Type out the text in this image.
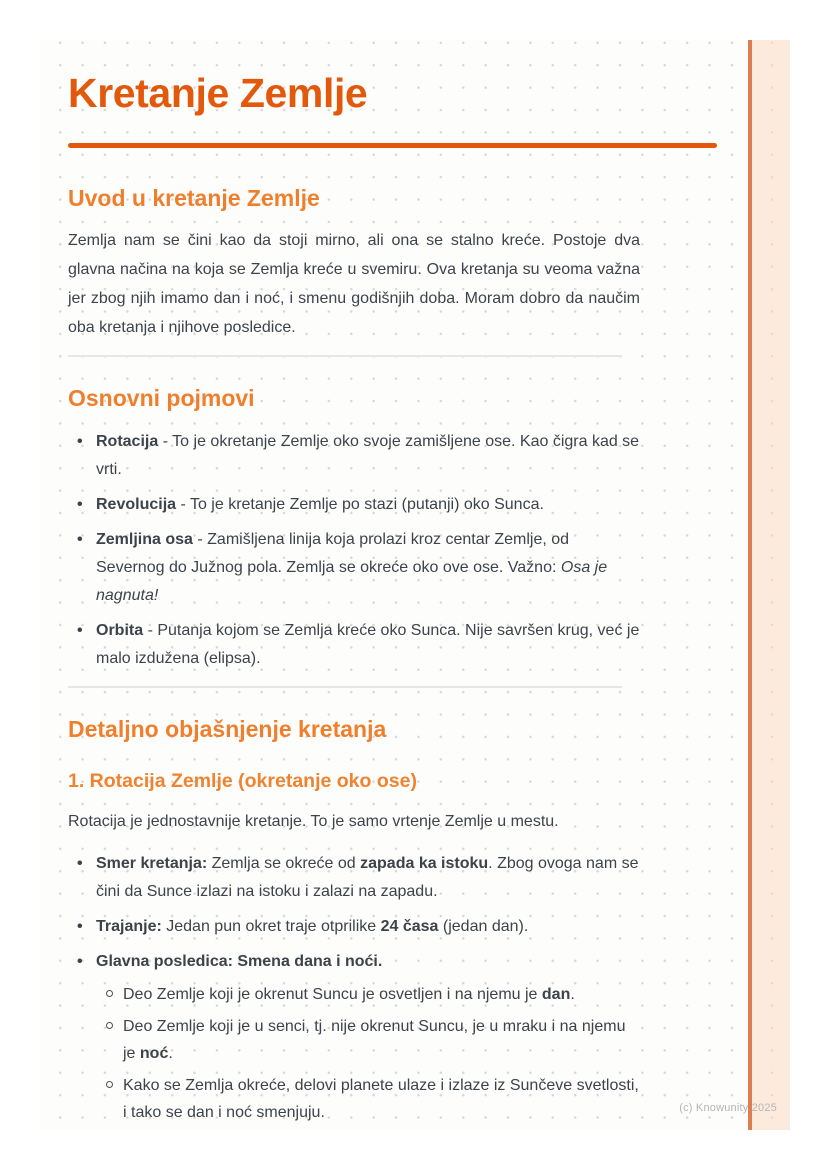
Kretanje Zemlje
Uvod u kretanje Zemlje

Zemlja nam se čini kao da stoji mirno, ali ona se stalno kreće. Postoje dva glavna načina na koja se Zemlja kreće u svemiru. Ova kretanja su veoma važna jer zbog njih imamo dan i noć, i smenu godišnjih doba. Moram dobro da naučim oba kretanja i njihove posledice.

Osnovni pojmovi
• Rotacija - To je okretanje Zemlje oko svoje zamišljene ose. Kao čigra kad se vrti.
• Revolucija - To je kretanje Zemlje po stazi (putanji) oko Sunca.
• Zemljina osa - Zamišljena linija koja prolazi kroz centar Zemlje, od Severnog do Južnog pola. Zemlja se okreće oko ove ose. Važno: Osa je nagnuta!
• Orbita - Putanja kojom se Zemlja kreće oko Sunca. Nije savršen krug, već je malo izdužena (elipsa).
Detaljno objašnjenje kretanja
1. Rotacija Zemlje (okretanje oko ose)

Rotacija je jednostavnije kretanje. To je samo vrtenje Zemlje u mestu.

• Smer kretanja: Zemlja se okreće od zapada ka istoku. Zbog ovoga nam se čini da Sunce izlazi na istoku i zalazi na zapadu.
• Trajanje: Jedan pun okret traje otprilike 24 časa (jedan dan).
• Glavna posledica: Smena dana i noći.
Deo Zemlje koji je okrenut Suncu je osvetljen i na njemu je dan.
Deo Zemlje koji je u senci, tj. nije okrenut Suncu, je u mraku i na njemu je noć.
Kako se Zemlja okreće, delovi planete ulaze i izlaze iz Sunčeve svetlosti, i tako se dan i noć smenjuju.	(c) Knowunity 2025
